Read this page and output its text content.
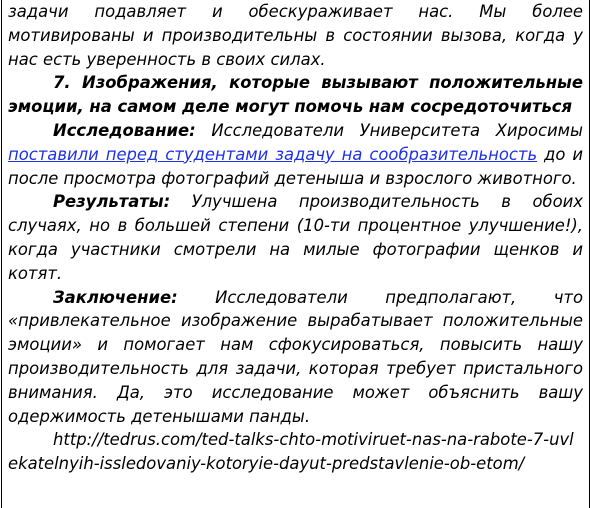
задачи подавляет и обескураживает нас. Мы более мотивированы и производительны в состоянии вызова, когда у нас есть уверенность в своих силах.

7. Изображения, которые вызывают положительные эмоции, на самом деле могут помочь нам сосредоточиться

Исследование: Исследователи Университета Хиросимы поставили перед студентами задачу на сообразительность до и после просмотра фотографий детеныша и взрослого животного.

Результаты: Улучшена производительность в обоих случаях, но в большей степени (10-ти процентное улучшение!), когда участники смотрели на милые фотографии щенков и котят.

Заключение: Исследователи предполагают, что «привлекательное изображение вырабатывает положительные эмоции» и помогает нам сфокусироваться, повысить нашу производительность для задачи, которая требует пристального внимания. Да, это исследование может объяснить вашу одержимость детенышами панды.

http://tedrus.com/ted-talks-chto-motiviruet-nas-na-rabote-7-uvlekatelnyih-issledovaniy-kotoryie-dayut-predstavlenie-ob-etom/
